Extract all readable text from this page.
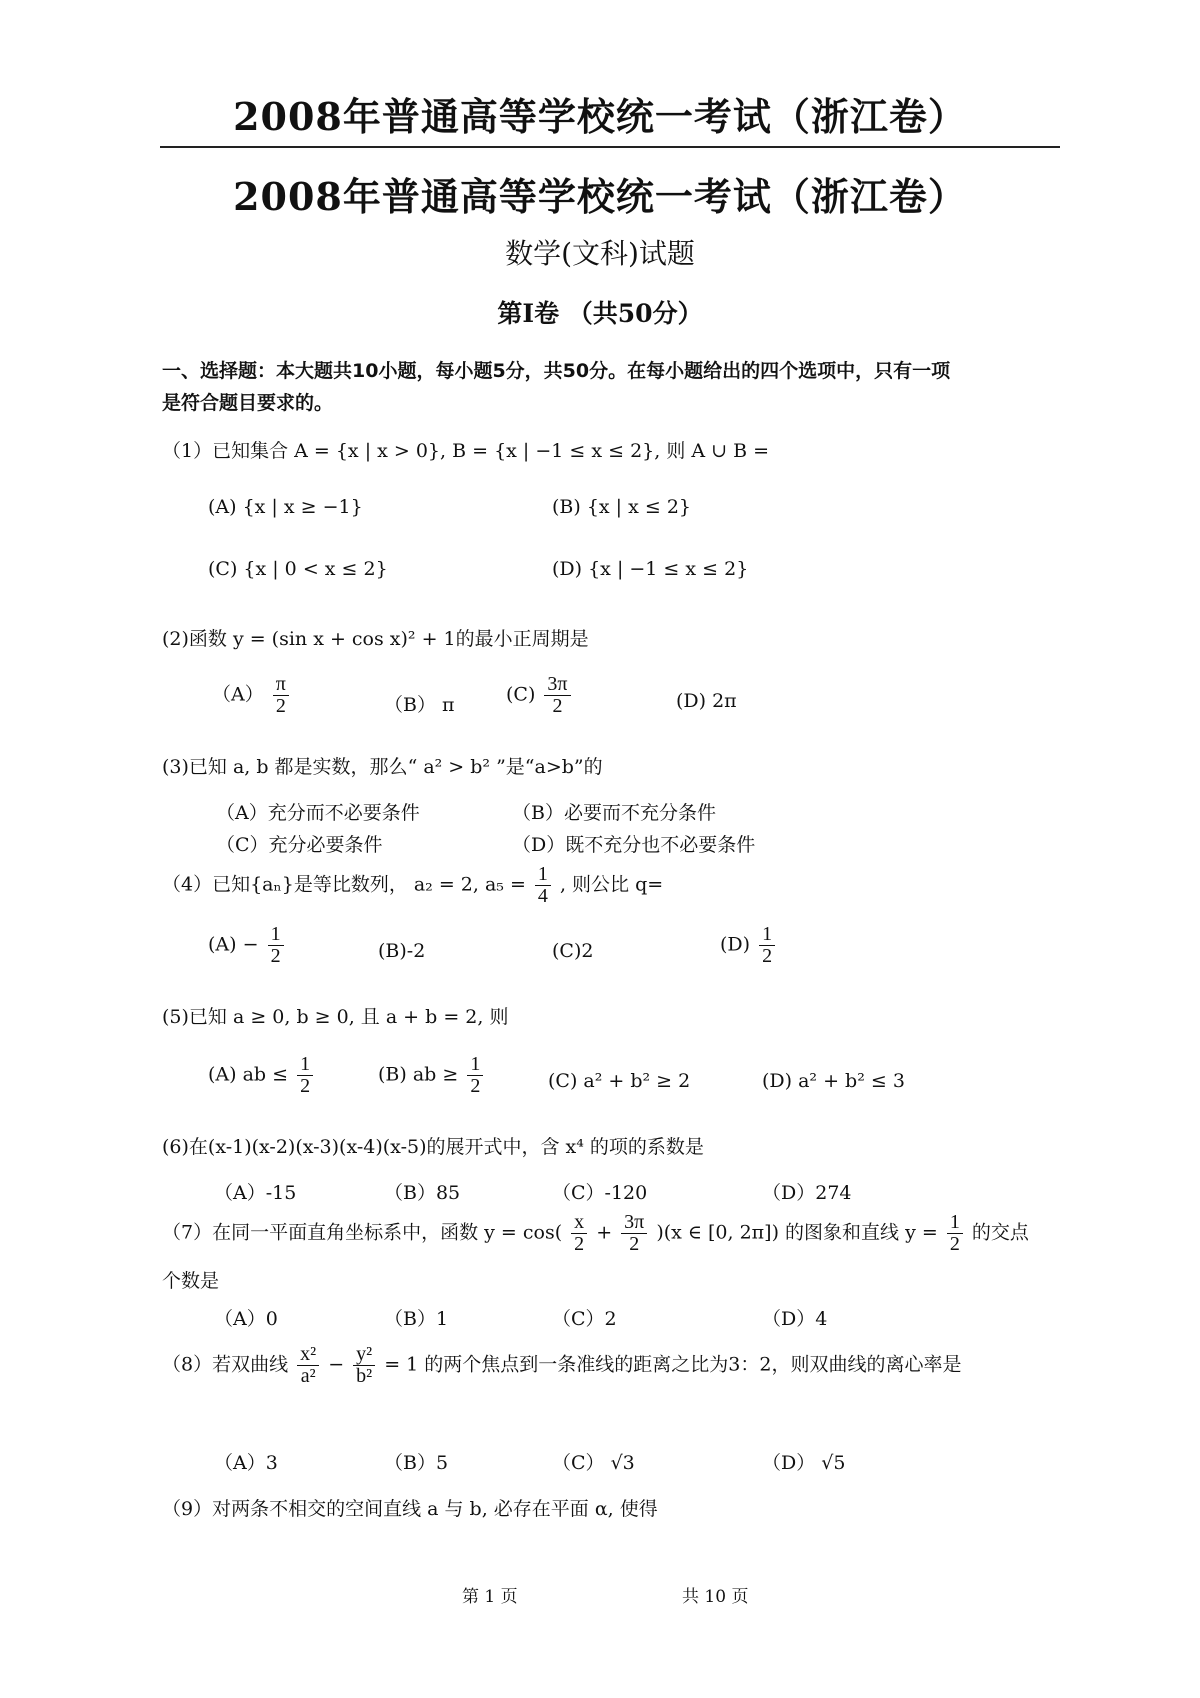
2008年普通高等学校统一考试（浙江卷）
2008年普通高等学校统一考试（浙江卷）
数学(文科)试题
第Ⅰ卷 （共50分）
一、选择题：本大题共10小题，每小题5分，共50分。在每小题给出的四个选项中，只有一项
是符合题目要求的。
（1）已知集合 A = {x | x > 0}, B = {x | −1 ≤ x ≤ 2}, 则 A ∪ B =
(A) {x | x ≥ −1}	(B) {x | x ≤ 2}
(C) {x | 0 < x ≤ 2}	(D) {x | −1 ≤ x ≤ 2}
(2)函数 y = (sin x + cos x)² + 1的最小正周期是
$(A) \frac{\pi}{2}$	（B） π	$(C) \frac{3\pi}{2}$	(D) 2π
(3)已知 a, b 都是实数，那么“ a² > b² ”是“a>b”的
（A）充分而不必要条件	（B）必要而不充分条件
（C）充分必要条件	（D）既不充分也不必要条件
（4）已知{aₙ}是等比数列， a₂ = 2, $a_5 = \frac{1}{4}$ , 则公比 q=
$(A) - \frac{1}{2}$	(B)-2	(C)2	$(D) \frac{1}{2}$
(5)已知 a ≥ 0, b ≥ 0, 且 a + b = 2, 则
(A) ab ≤ $\frac{1}{2}$	(B) ab ≥ $\frac{1}{2}$	(C) a² + b² ≥ 2	(D) a² + b² ≤ 3
(6)在(x-1)(x-2)(x-3)(x-4)(x-5)的展开式中，含 x⁴ 的项的系数是
（A）-15	（B）85	（C）-120	（D）274
（7）在同一平面直角坐标系中，函数 $y = \cos( \frac{x}{2} + \frac{3\pi}{2} )(x$ ∈ [0, 2π]) 的图象和直线 $y = \frac{1}{2}$ 的交点
个数是
（A）0	（B）1	（C）2	（D）4
（8）若双曲线 $\frac{\text{x²}}{\text{a²}} - \frac{\text{y²}}{\text{b²}} = 1$ 的两个焦点到一条准线的距离之比为3：2，则双曲线的离心率是
（A）3	（B）5	（C） √3	（D） √5
（9）对两条不相交的空间直线 a 与 b, 必存在平面 α, 使得
第 1 页	共 10 页
